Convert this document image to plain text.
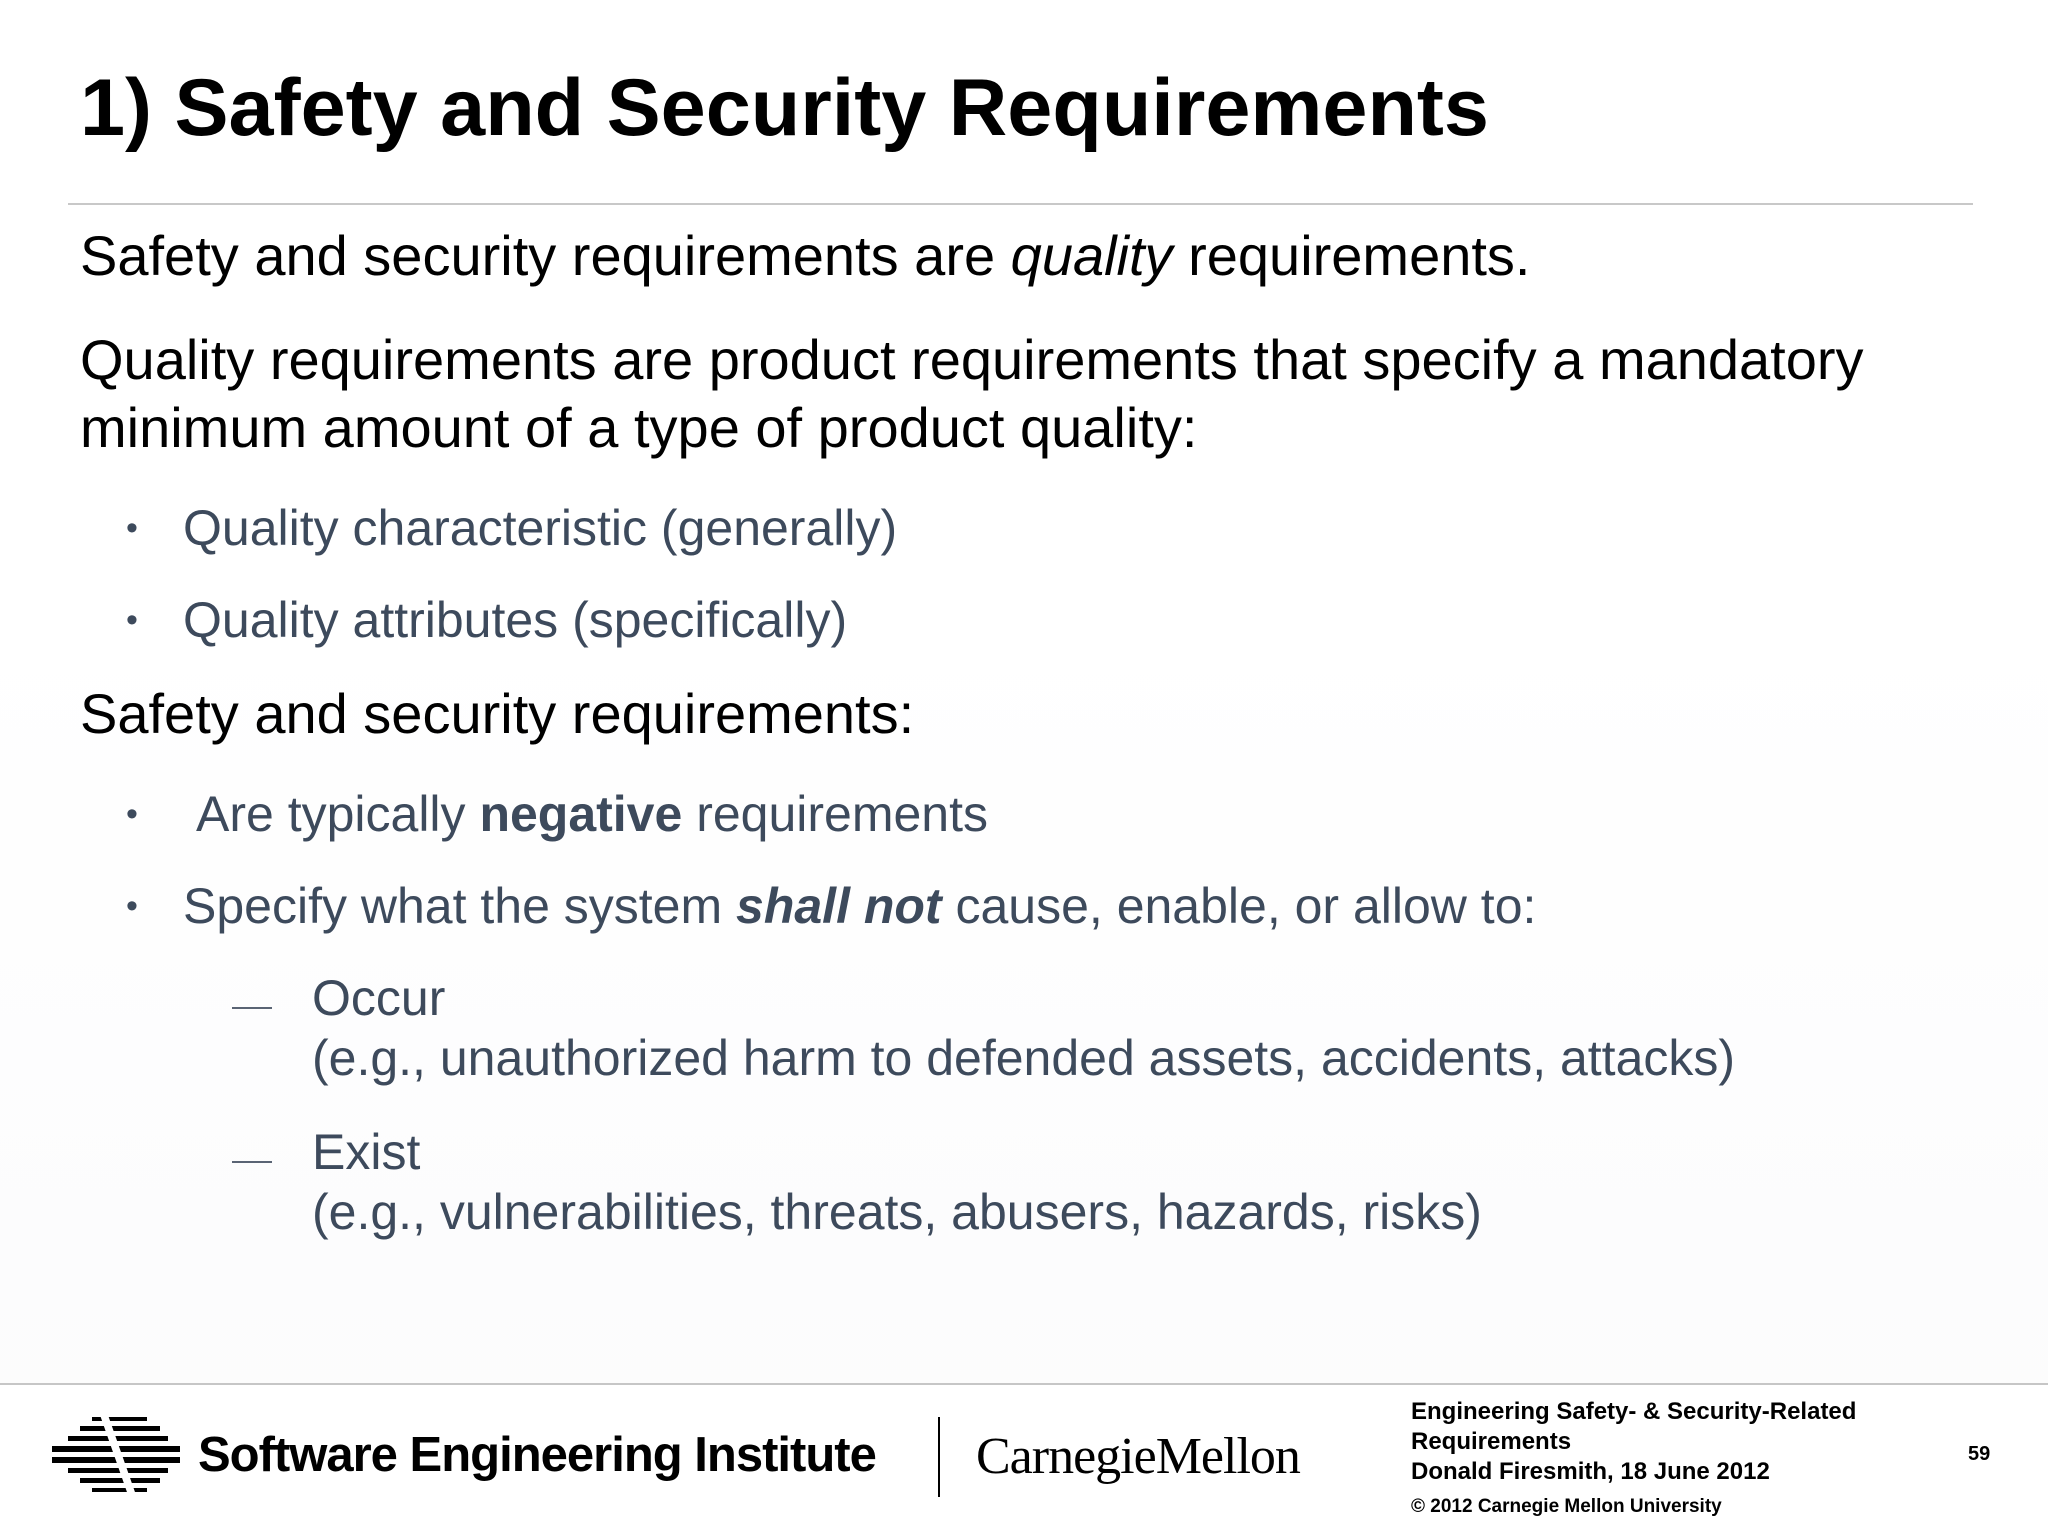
1) Safety and Security Requirements
Safety and security requirements are quality requirements.
Quality requirements are product requirements that specify a mandatory
minimum amount of a type of product quality:
• Quality characteristic (generally)
• Quality attributes (specifically)
Safety and security requirements:
•	Are typically negative requirements
• Specify what the system shall not cause, enable, or allow to:
Occur
(e.g., unauthorized harm to defended assets, accidents, attacks)
Exist
(e.g., vulnerabilities, threats, abusers, hazards, risks)
Software Engineering Institute CarnegieMellon
Engineering Safety- & Security-Related
Requirements
Donald Firesmith, 18 June 2012
© 2012 Carnegie Mellon University
59
